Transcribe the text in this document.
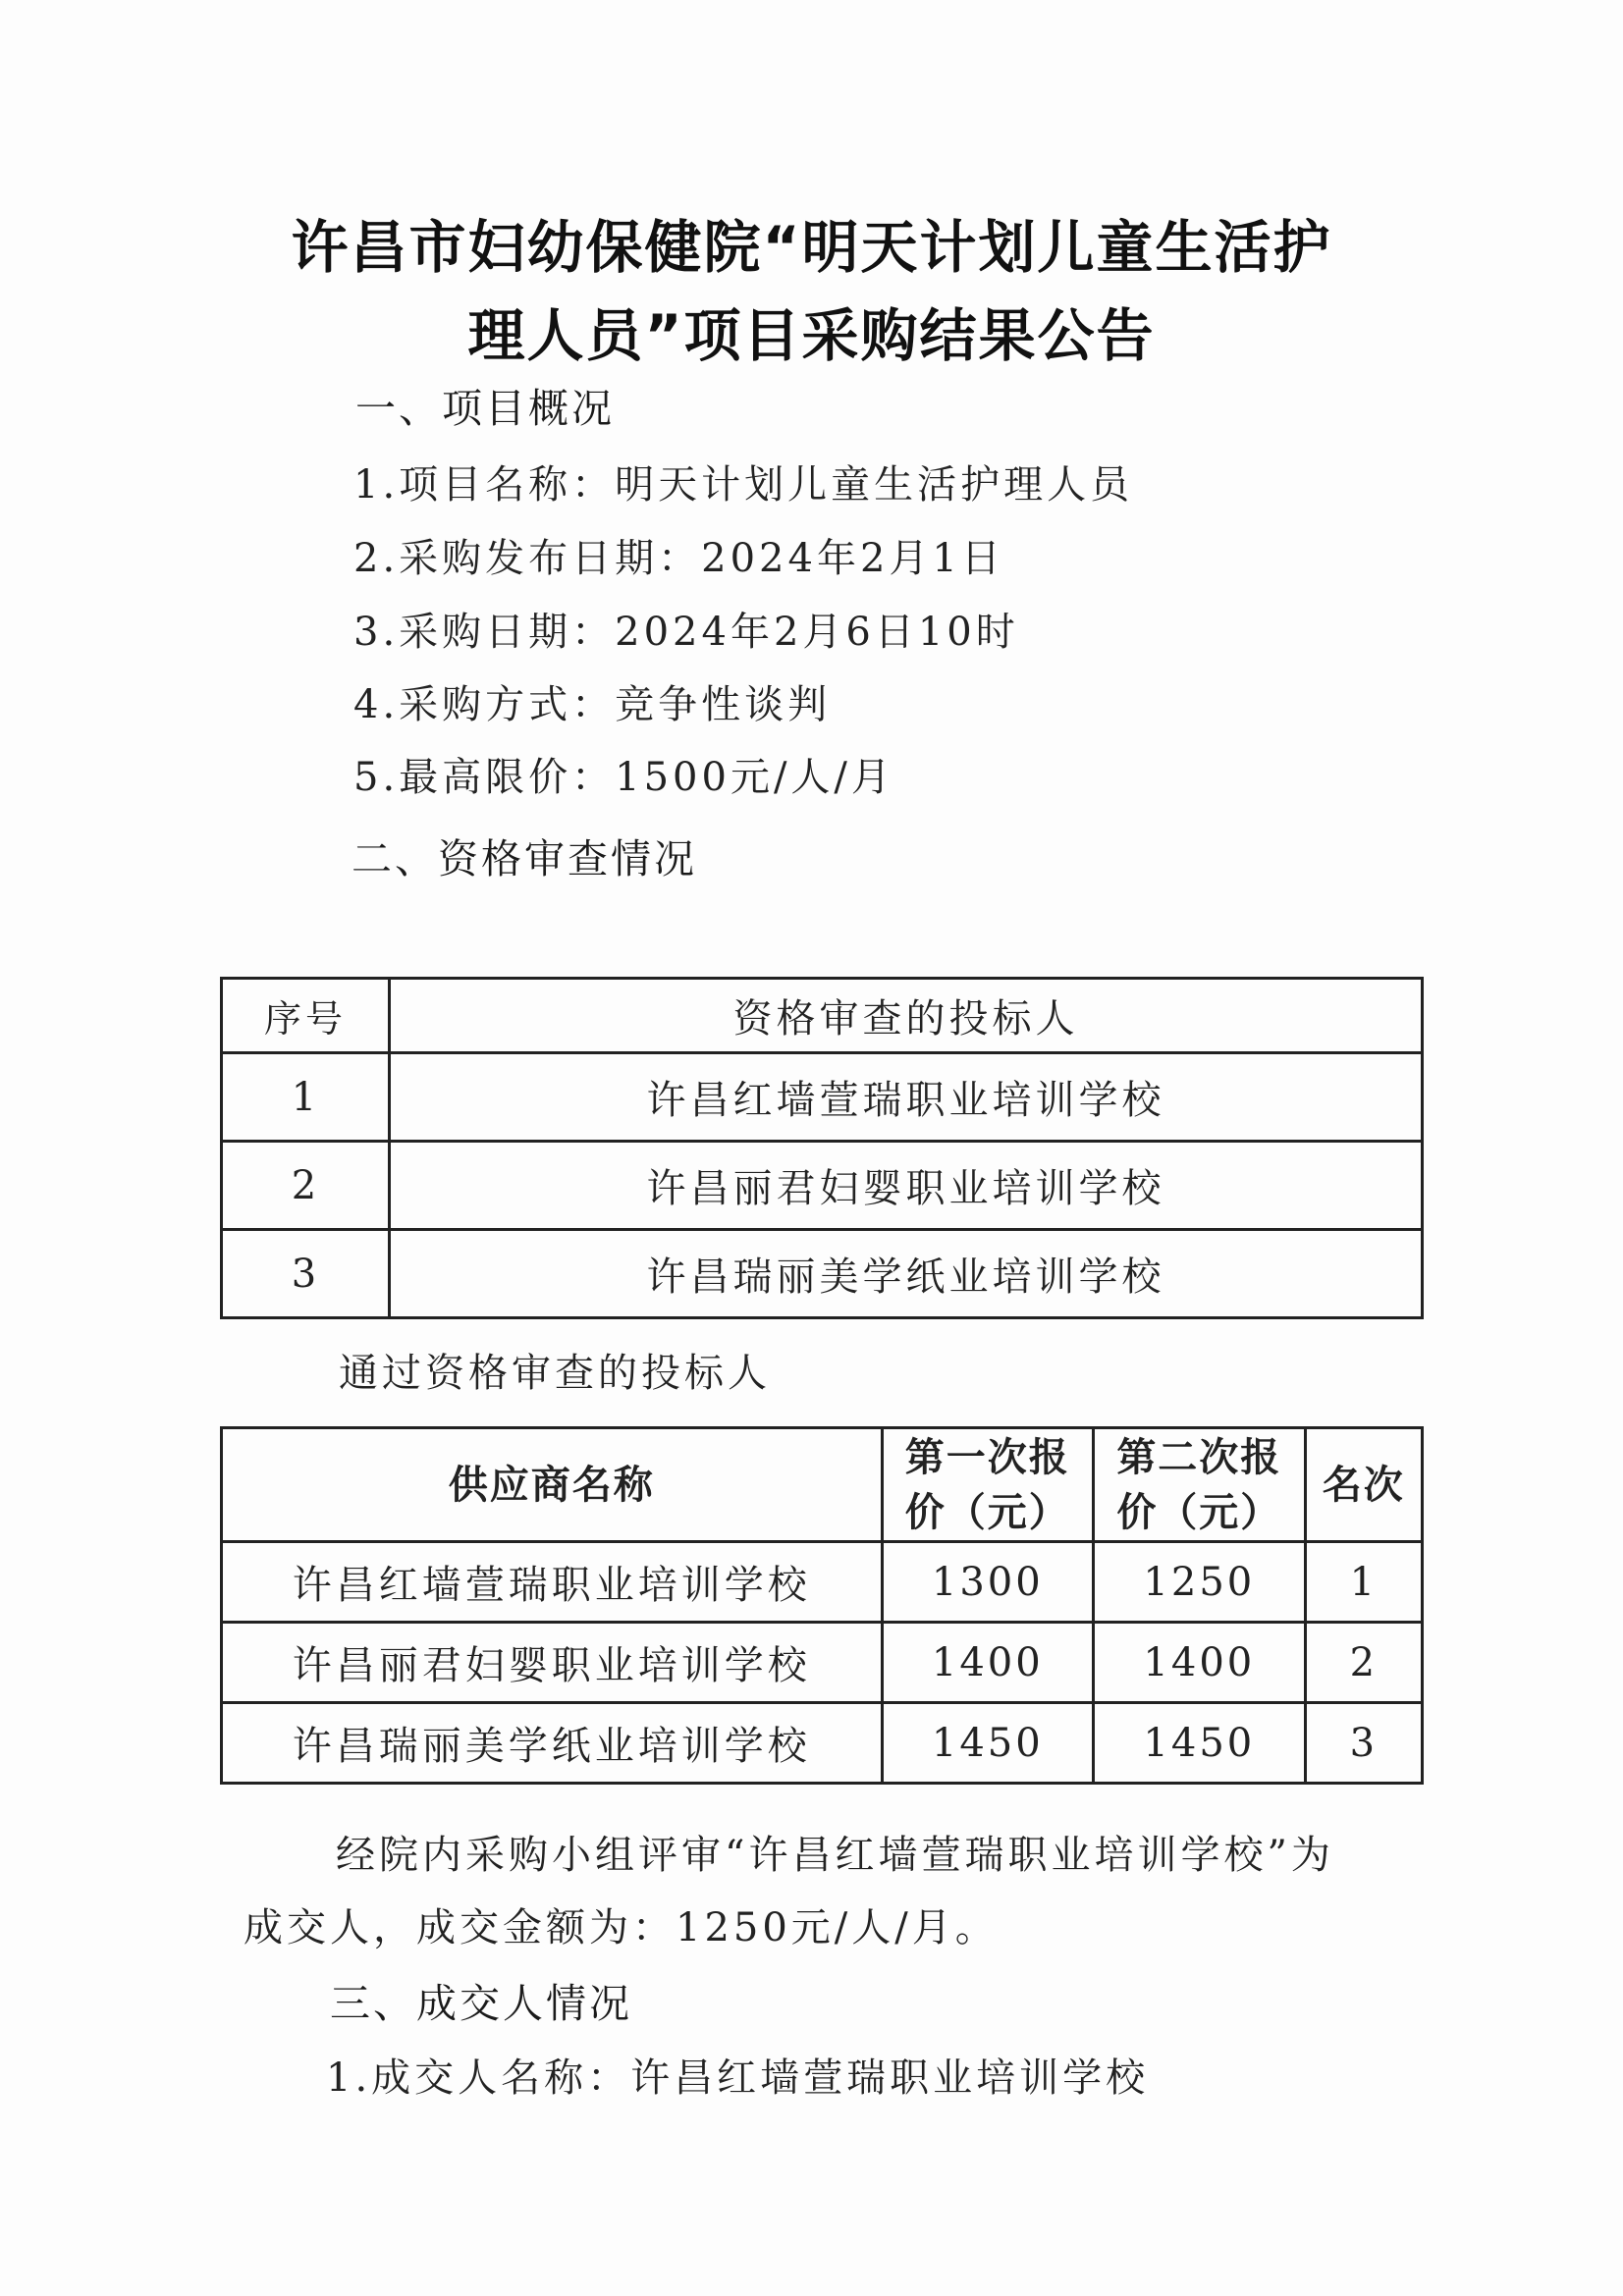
许昌市妇幼保健院“明天计划儿童生活护
理人员”项目采购结果公告
一、项目概况
1.项目名称：明天计划儿童生活护理人员
2.采购发布日期：2024年2月1日
3.采购日期：2024年2月6日10时
4.采购方式：竞争性谈判
5.最高限价：1500元/人/月
二、资格审查情况
序号	资格审查的投标人
1	许昌红墙萱瑞职业培训学校
2	许昌丽君妇婴职业培训学校
3	许昌瑞丽美学纸业培训学校
通过资格审查的投标人
供应商名称	第一次报价（元）	第二次报价（元）	名次
许昌红墙萱瑞职业培训学校	1300	1250	1
许昌丽君妇婴职业培训学校	1400	1400	2
许昌瑞丽美学纸业培训学校	1450	1450	3
经院内采购小组评审“许昌红墙萱瑞职业培训学校”为
成交人，成交金额为：1250元/人/月。
三、成交人情况
1.成交人名称：许昌红墙萱瑞职业培训学校
